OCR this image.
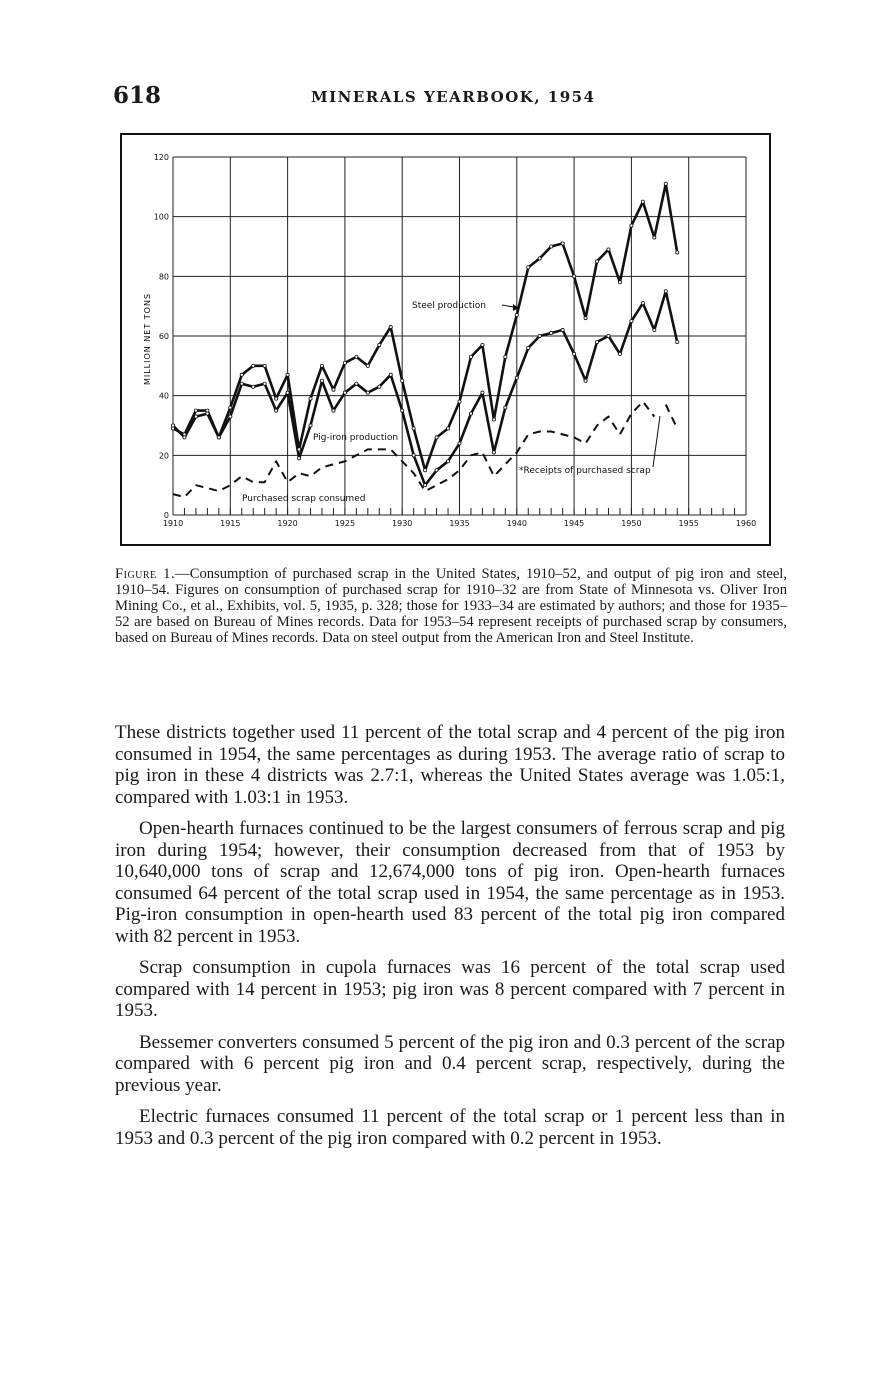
618	MINERALS YEARBOOK, 1954
1910	1915	1920	1925	1930	1935	1940	1945	1950	1955	1960
0
20
40
60
80
100
120
MILLION NET TONS	Steel production
Pig-iron production
Purchased scrap consumed
*Receipts of purchased scrap
Figure 1.—Consumption of purchased scrap in the United States, 1910–52, and output of pig iron and steel, 1910–54. Figures on consumption of purchased scrap for 1910–32 are from State of Minnesota vs. Oliver Iron Mining Co., et al., Exhibits, vol. 5, 1935, p. 328; those for 1933–34 are estimated by authors; and those for 1935–52 are based on Bureau of Mines records. Data for 1953–54 represent receipts of purchased scrap by consumers, based on Bureau of Mines records. Data on steel output from the American Iron and Steel Institute.

These districts together used 11 percent of the total scrap and 4 percent of the pig iron consumed in 1954, the same percentages as during 1953. The average ratio of scrap to pig iron in these 4 districts was 2.7:1, whereas the United States average was 1.05:1, compared with 1.03:1 in 1953.

Open-hearth furnaces continued to be the largest consumers of ferrous scrap and pig iron during 1954; however, their consumption decreased from that of 1953 by 10,640,000 tons of scrap and 12,674,000 tons of pig iron. Open-hearth furnaces consumed 64 percent of the total scrap used in 1954, the same percentage as in 1953. Pig-iron consumption in open-hearth used 83 percent of the total pig iron compared with 82 percent in 1953.

Scrap consumption in cupola furnaces was 16 percent of the total scrap used compared with 14 percent in 1953; pig iron was 8 percent compared with 7 percent in 1953.

Bessemer converters consumed 5 percent of the pig iron and 0.3 percent of the scrap compared with 6 percent pig iron and 0.4 percent scrap, respectively, during the previous year.

Electric furnaces consumed 11 percent of the total scrap or 1 percent less than in 1953 and 0.3 percent of the pig iron compared with 0.2 percent in 1953.
